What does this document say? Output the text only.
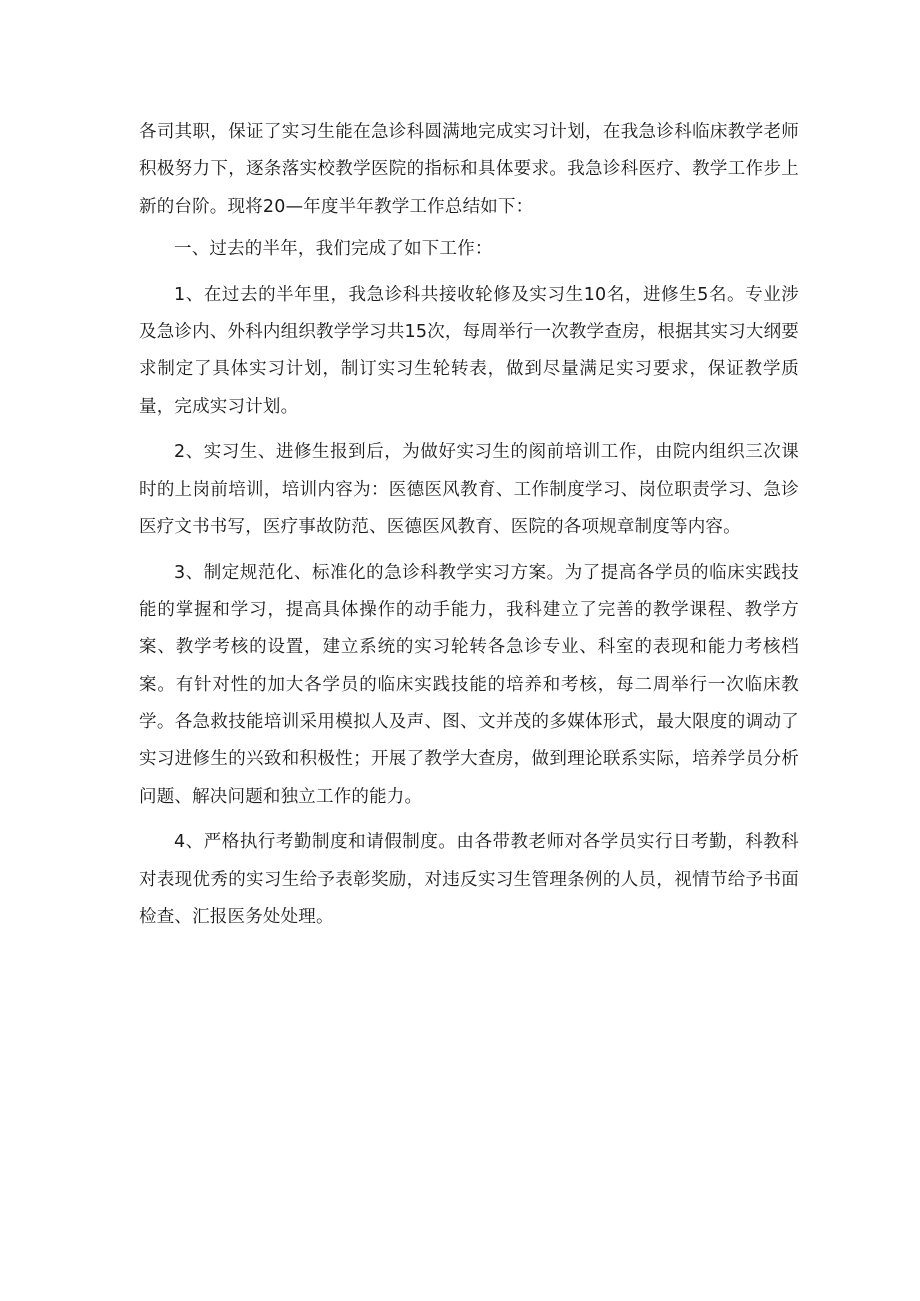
各司其职，保证了实习生能在急诊科圆满地完成实习计划，在我急诊科临床教学老师积极努力下，逐条落实校教学医院的指标和具体要求。我急诊科医疗、教学工作步上新的台阶。现将20—年度半年教学工作总结如下：

一、过去的半年，我们完成了如下工作：

1、在过去的半年里，我急诊科共接收轮修及实习生10名，进修生5名。专业涉及急诊内、外科内组织教学学习共15次，每周举行一次教学查房，根据其实习大纲要求制定了具体实习计划，制订实习生轮转表，做到尽量满足实习要求，保证教学质量，完成实习计划。

2、实习生、进修生报到后，为做好实习生的阂前培训工作，由院内组织三次课时的上岗前培训，培训内容为：医德医风教育、工作制度学习、岗位职责学习、急诊医疗文书书写，医疗事故防范、医德医风教育、医院的各项规章制度等内容。

3、制定规范化、标准化的急诊科教学实习方案。为了提高各学员的临床实践技能的掌握和学习，提高具体操作的动手能力，我科建立了完善的教学课程、教学方案、教学考核的设置，建立系统的实习轮转各急诊专业、科室的表现和能力考核档案。有针对性的加大各学员的临床实践技能的培养和考核，每二周举行一次临床教学。各急救技能培训采用模拟人及声、图、文并茂的多媒体形式，最大限度的调动了实习进修生的兴致和积极性；开展了教学大查房，做到理论联系实际，培养学员分析问题、解决问题和独立工作的能力。

4、严格执行考勤制度和请假制度。由各带教老师对各学员实行日考勤，科教科对表现优秀的实习生给予表彰奖励，对违反实习生管理条例的人员，视情节给予书面检查、汇报医务处处理。
